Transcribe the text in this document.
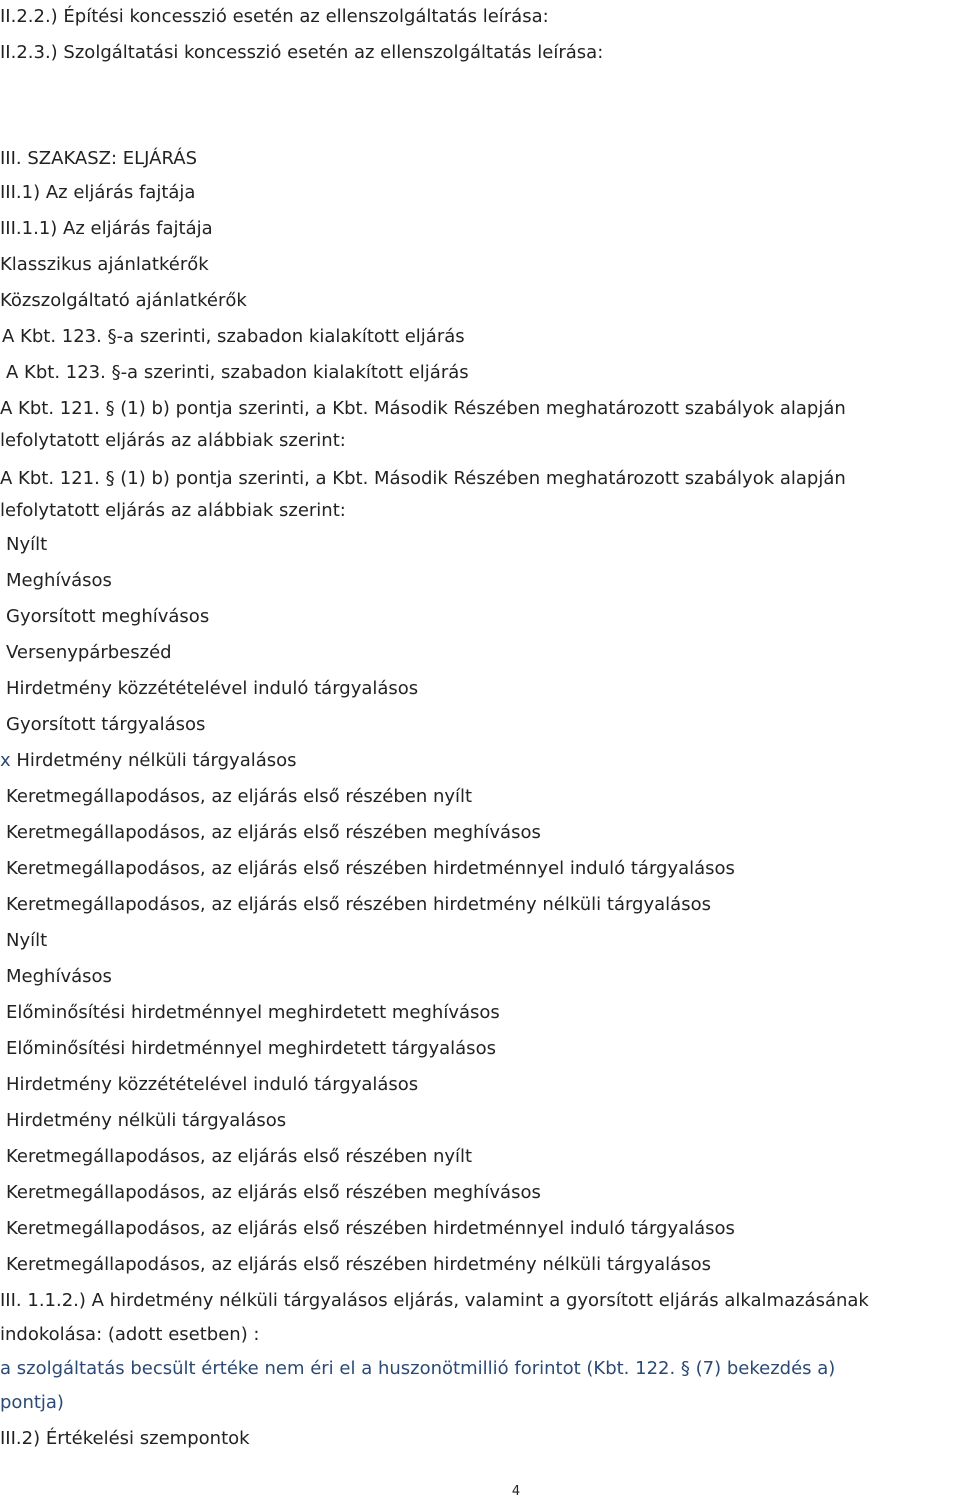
II.2.2.) Építési koncesszió esetén az ellenszolgáltatás leírása:
II.2.3.) Szolgáltatási koncesszió esetén az ellenszolgáltatás leírása:
III. SZAKASZ: ELJÁRÁS
III.1) Az eljárás fajtája
III.1.1) Az eljárás fajtája
Klasszikus ajánlatkérők
Közszolgáltató ajánlatkérők
A Kbt. 123. §-a szerinti, szabadon kialakított eljárás
A Kbt. 123. §-a szerinti, szabadon kialakított eljárás
A Kbt. 121. § (1) b) pontja szerinti, a Kbt. Második Részében meghatározott szabályok alapján
lefolytatott eljárás az alábbiak szerint:
A Kbt. 121. § (1) b) pontja szerinti, a Kbt. Második Részében meghatározott szabályok alapján
lefolytatott eljárás az alábbiak szerint:
Nyílt
Meghívásos
Gyorsított meghívásos
Versenypárbeszéd
Hirdetmény közzétételével induló tárgyalásos
Gyorsított tárgyalásos
x Hirdetmény nélküli tárgyalásos
Keretmegállapodásos, az eljárás első részében nyílt
Keretmegállapodásos, az eljárás első részében meghívásos
Keretmegállapodásos, az eljárás első részében hirdetménnyel induló tárgyalásos
Keretmegállapodásos, az eljárás első részében hirdetmény nélküli tárgyalásos
Nyílt
Meghívásos
Előminősítési hirdetménnyel meghirdetett meghívásos
Előminősítési hirdetménnyel meghirdetett tárgyalásos
Hirdetmény közzétételével induló tárgyalásos
Hirdetmény nélküli tárgyalásos
Keretmegállapodásos, az eljárás első részében nyílt
Keretmegállapodásos, az eljárás első részében meghívásos
Keretmegállapodásos, az eljárás első részében hirdetménnyel induló tárgyalásos
Keretmegállapodásos, az eljárás első részében hirdetmény nélküli tárgyalásos
III. 1.1.2.) A hirdetmény nélküli tárgyalásos eljárás, valamint a gyorsított eljárás alkalmazásának
indokolása: (adott esetben) :
a szolgáltatás becsült értéke nem éri el a huszonötmillió forintot (Kbt. 122. § (7) bekezdés a)
pontja)
III.2) Értékelési szempontok
4
